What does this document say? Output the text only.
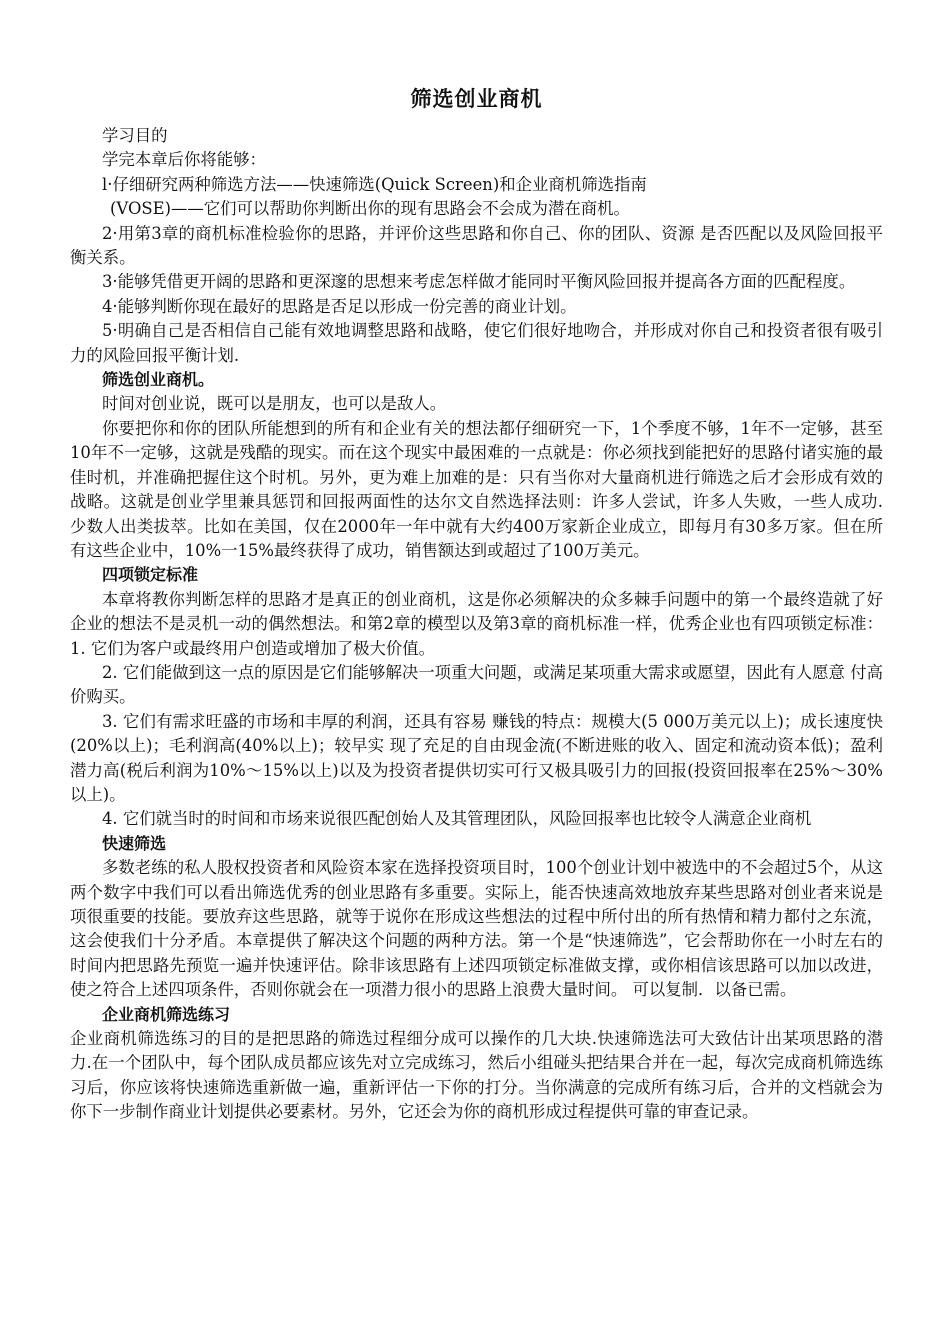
筛选创业商机

学习目的

学完本章后你将能够：

l·仔细研究两种筛选方法——快速筛选(Quick Screen)和企业商机筛选指南

(VOSE)——它们可以帮助你判断出你的现有思路会不会成为潜在商机。

2·用第3章的商机标准检验你的思路，并评价这些思路和你自己、你的团队、资源 是否匹配以及风险回报平衡关系。

3·能够凭借更开阔的思路和更深邃的思想来考虑怎样做才能同时平衡风险回报并提高各方面的匹配程度。

4·能够判断你现在最好的思路是否足以形成一份完善的商业计划。

5·明确自己是否相信自己能有效地调整思路和战略，使它们很好地吻合，并形成对你自己和投资者很有吸引力的风险回报平衡计划.

筛选创业商机。

时间对创业说，既可以是朋友，也可以是敌人。

你要把你和你的团队所能想到的所有和企业有关的想法都仔细研究一下，1个季度不够，1年不一定够，甚至10年不一定够，这就是残酷的现实。而在这个现实中最困难的一点就是：你必须找到能把好的思路付诸实施的最佳时机，并准确把握住这个时机。另外，更为难上加难的是：只有当你对大量商机进行筛选之后才会形成有效的战略。这就是创业学里兼具惩罚和回报两面性的达尔文自然选择法则：许多人尝试，许多人失败，一些人成功. 少数人出类拔萃。比如在美国，仅在2000年一年中就有大约400万家新企业成立，即每月有30多万家。但在所有这些企业中，10%一15%最终获得了成功，销售额达到或超过了100万美元。

四项锁定标准

本章将教你判断怎样的思路才是真正的创业商机，这是你必须解决的众多棘手问题中的第一个最终造就了好企业的想法不是灵机一动的偶然想法。和第2章的模型以及第3章的商机标准一样，优秀企业也有四项锁定标准：1. 它们为客户或最终用户创造或增加了极大价值。

2. 它们能做到这一点的原因是它们能够解决一项重大问题，或满足某项重大需求或愿望，因此有人愿意 付高价购买。

3. 它们有需求旺盛的市场和丰厚的利润，还具有容易 赚钱的特点：规模大(5 000万美元以上)；成长速度快(20%以上)；毛利润高(40%以上)；较早实 现了充足的自由现金流(不断进账的收入、固定和流动资本低)；盈利潜力高(税后利润为10%～15%以上)以及为投资者提供切实可行又极具吸引力的回报(投资回报率在25%～30%以上)。

4. 它们就当时的时间和市场来说很匹配创始人及其管理团队，风险回报率也比较令人满意企业商机

快速筛选

多数老练的私人股权投资者和风险资本家在选择投资项目时，100个创业计划中被选中的不会超过5个，从这两个数字中我们可以看出筛选优秀的创业思路有多重要。实际上，能否快速高效地放弃某些思路对创业者来说是项很重要的技能。要放弃这些思路，就等于说你在形成这些想法的过程中所付出的所有热情和精力都付之东流，这会使我们十分矛盾。本章提供了解决这个问题的两种方法。第一个是“快速筛选”，它会帮助你在一小时左右的时间内把思路先预览一遍并快速评估。除非该思路有上述四项锁定标准做支撑，或你相信该思路可以加以改进，使之符合上述四项条件，否则你就会在一项潜力很小的思路上浪费大量时间。 可以复制．以备已需。

企业商机筛选练习

企业商机筛选练习的目的是把思路的筛选过程细分成可以操作的几大块.快速筛选法可大致估计出某项思路的潜力.在一个团队中，每个团队成员都应该先对立完成练习，然后小组碰头把结果合并在一起，每次完成商机筛选练习后，你应该将快速筛选重新做一遍，重新评估一下你的打分。当你满意的完成所有练习后，合并的文档就会为你下一步制作商业计划提供必要素材。另外，它还会为你的商机形成过程提供可靠的审查记录。
